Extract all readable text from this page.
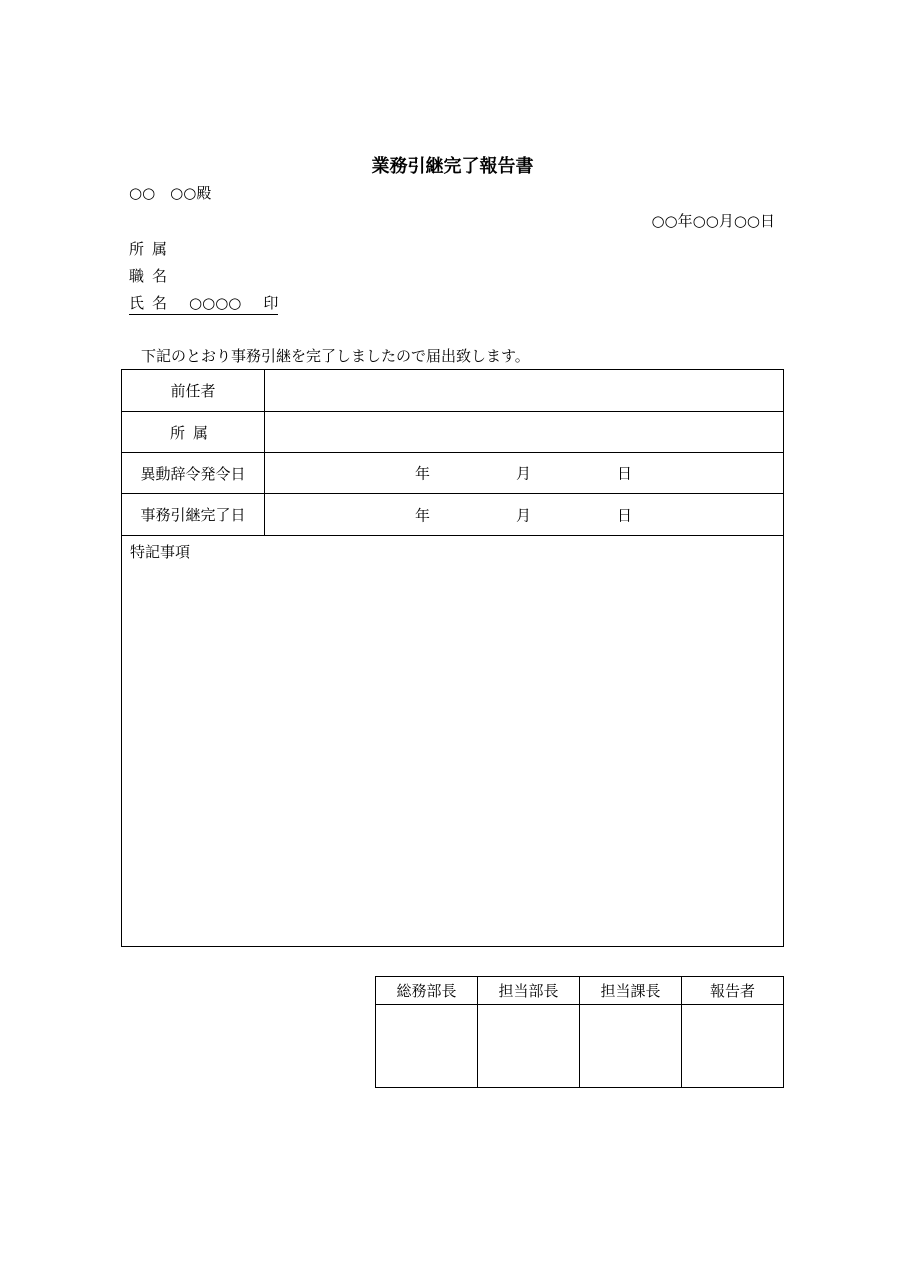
業務引継完了報告書
○○　○○殿
○○年○○月○○日
所属
職名
氏名 ○○○○ 印
下記のとおり事務引継を完了しましたので届出致します。
前任者	
所属	
異動辞令発令日	年 月 日

事務引継完了日	年 月 日

特記事項	
総務部長	担当部長	担当課長	報告者
